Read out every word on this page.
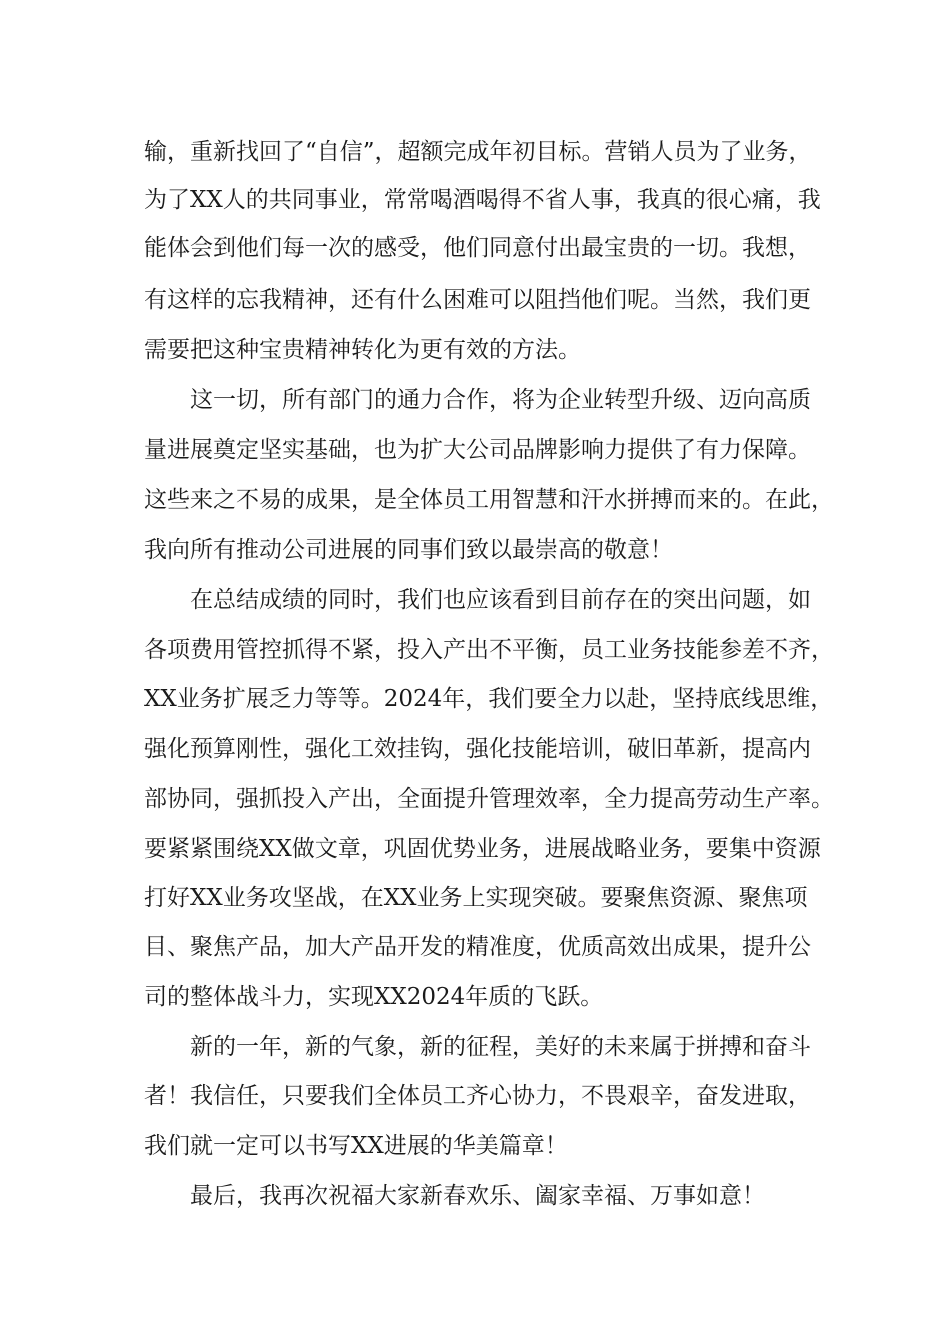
输，重新找回了“自信”，超额完成年初目标。营销人员为了业务，
为了XX人的共同事业，常常喝酒喝得不省人事，我真的很心痛，我
能体会到他们每一次的感受，他们同意付出最宝贵的一切。我想，
有这样的忘我精神，还有什么困难可以阻挡他们呢。当然，我们更
需要把这种宝贵精神转化为更有效的方法。
这一切，所有部门的通力合作，将为企业转型升级、迈向高质
量进展奠定坚实基础，也为扩大公司品牌影响力提供了有力保障。
这些来之不易的成果，是全体员工用智慧和汗水拼搏而来的。在此，
我向所有推动公司进展的同事们致以最崇高的敬意！
在总结成绩的同时，我们也应该看到目前存在的突出问题，如
各项费用管控抓得不紧，投入产出不平衡，员工业务技能参差不齐，
XX业务扩展乏力等等。2024年，我们要全力以赴，坚持底线思维，
强化预算刚性，强化工效挂钩，强化技能培训，破旧革新，提高内
部协同，强抓投入产出，全面提升管理效率，全力提高劳动生产率。
要紧紧围绕XX做文章，巩固优势业务，进展战略业务，要集中资源
打好XX业务攻坚战，在XX业务上实现突破。要聚焦资源、聚焦项
目、聚焦产品，加大产品开发的精准度，优质高效出成果，提升公
司的整体战斗力，实现XX2024年质的飞跃。
新的一年，新的气象，新的征程，美好的未来属于拼搏和奋斗
者！我信任，只要我们全体员工齐心协力，不畏艰辛，奋发进取，
我们就一定可以书写XX进展的华美篇章！
最后，我再次祝福大家新春欢乐、阖家幸福、万事如意！
